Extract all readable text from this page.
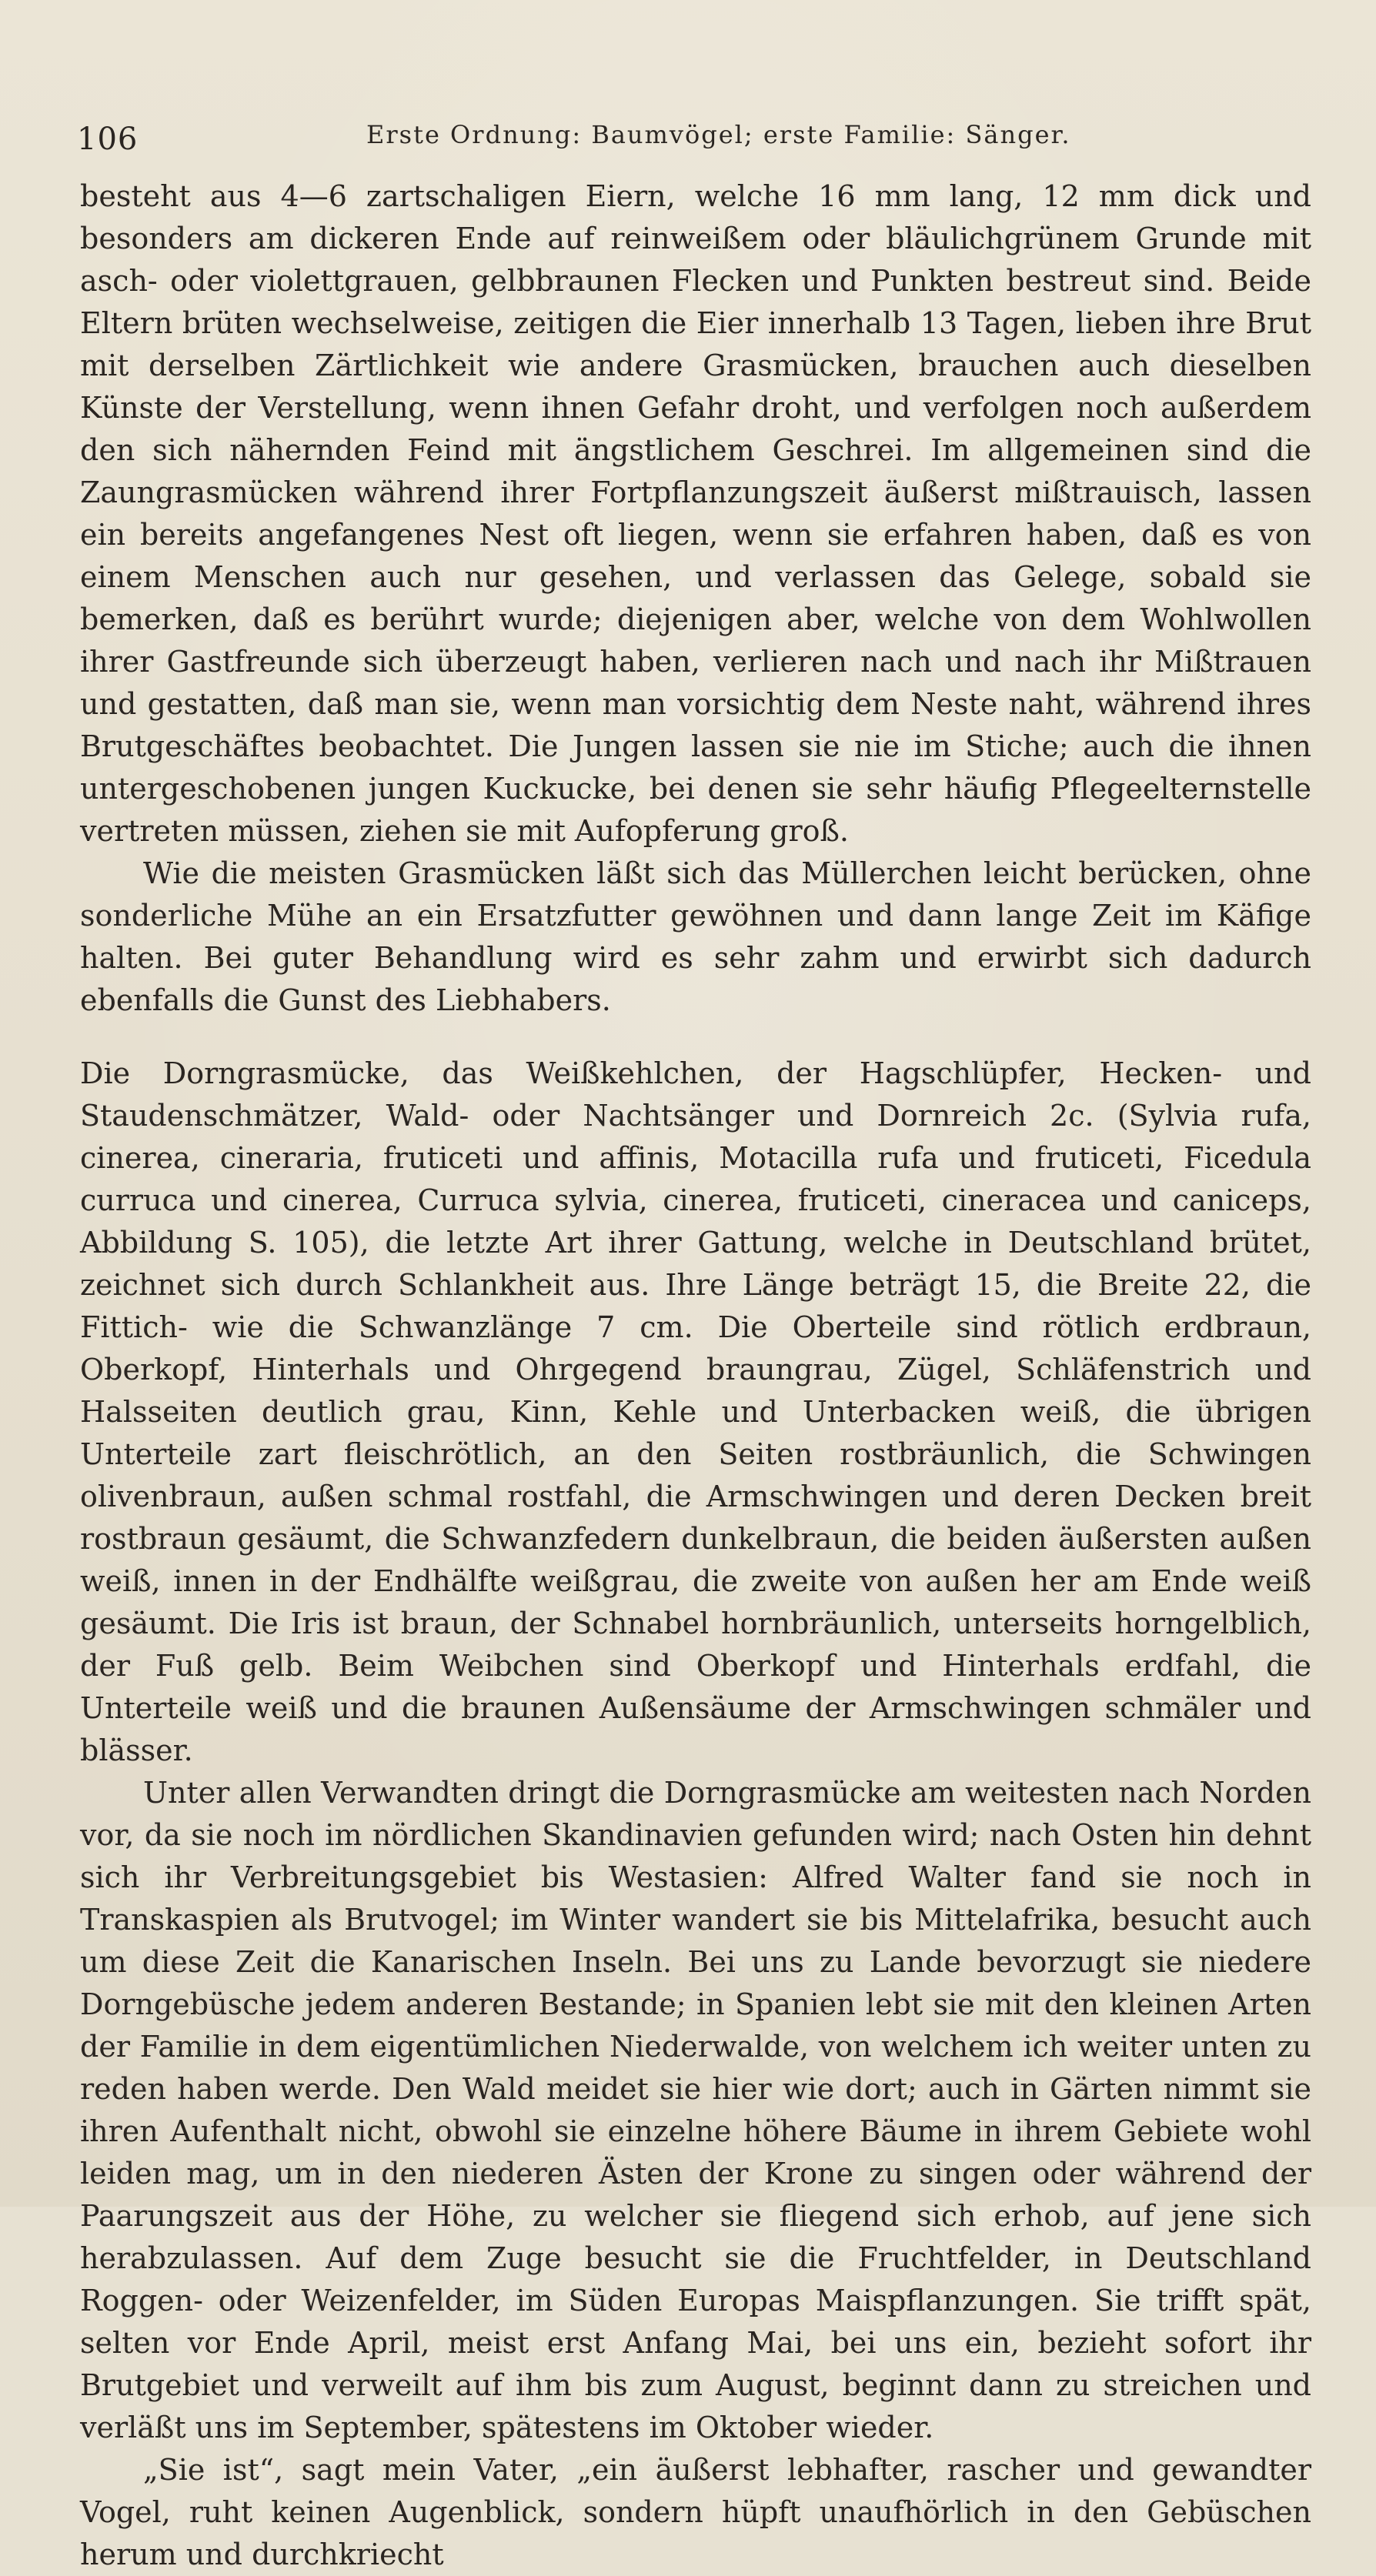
106	Erste Ordnung: Baumvögel; erste Familie: Sänger.

besteht aus 4—6 zartschaligen Eiern, welche 16 mm lang, 12 mm dick und besonders am dickeren Ende auf reinweißem oder bläulichgrünem Grunde mit asch- oder violettgrauen, gelbbraunen Flecken und Punkten bestreut sind. Beide Eltern brüten wechselweise, zeitigen die Eier innerhalb 13 Tagen, lieben ihre Brut mit derselben Zärtlichkeit wie andere Grasmücken, brauchen auch dieselben Künste der Verstellung, wenn ihnen Gefahr droht, und verfolgen noch außerdem den sich nähernden Feind mit ängstlichem Geschrei. Im allgemeinen sind die Zaungrasmücken während ihrer Fortpflanzungszeit äußerst mißtrauisch, lassen ein bereits angefangenes Nest oft liegen, wenn sie erfahren haben, daß es von einem Menschen auch nur gesehen, und verlassen das Gelege, sobald sie bemerken, daß es berührt wurde; diejenigen aber, welche von dem Wohlwollen ihrer Gastfreunde sich überzeugt haben, verlieren nach und nach ihr Mißtrauen und gestatten, daß man sie, wenn man vorsichtig dem Neste naht, während ihres Brutgeschäftes beobachtet. Die Jungen lassen sie nie im Stiche; auch die ihnen untergeschobenen jungen Kuckucke, bei denen sie sehr häufig Pflegeelternstelle vertreten müssen, ziehen sie mit Aufopferung groß.

Wie die meisten Grasmücken läßt sich das Müllerchen leicht berücken, ohne sonderliche Mühe an ein Ersatzfutter gewöhnen und dann lange Zeit im Käfige halten. Bei guter Behandlung wird es sehr zahm und erwirbt sich dadurch ebenfalls die Gunst des Liebhabers.

Die Dorngrasmücke, das Weißkehlchen, der Hagschlüpfer, Hecken- und Staudenschmätzer, Wald- oder Nachtsänger und Dornreich 2c. (Sylvia rufa, cinerea, cineraria, fruticeti und affinis, Motacilla rufa und fruticeti, Ficedula curruca und cinerea, Curruca sylvia, cinerea, fruticeti, cineracea und caniceps, Abbildung S. 105), die letzte Art ihrer Gattung, welche in Deutschland brütet, zeichnet sich durch Schlankheit aus. Ihre Länge beträgt 15, die Breite 22, die Fittich- wie die Schwanzlänge 7 cm. Die Oberteile sind rötlich erdbraun, Oberkopf, Hinterhals und Ohrgegend braungrau, Zügel, Schläfenstrich und Halsseiten deutlich grau, Kinn, Kehle und Unterbacken weiß, die übrigen Unterteile zart fleischrötlich, an den Seiten rostbräunlich, die Schwingen olivenbraun, außen schmal rostfahl, die Armschwingen und deren Decken breit rostbraun gesäumt, die Schwanzfedern dunkelbraun, die beiden äußersten außen weiß, innen in der Endhälfte weißgrau, die zweite von außen her am Ende weiß gesäumt. Die Iris ist braun, der Schnabel hornbräunlich, unterseits horngelblich, der Fuß gelb. Beim Weibchen sind Oberkopf und Hinterhals erdfahl, die Unterteile weiß und die braunen Außensäume der Armschwingen schmäler und blässer.

Unter allen Verwandten dringt die Dorngrasmücke am weitesten nach Norden vor, da sie noch im nördlichen Skandinavien gefunden wird; nach Osten hin dehnt sich ihr Verbreitungsgebiet bis Westasien: Alfred Walter fand sie noch in Transkaspien als Brutvogel; im Winter wandert sie bis Mittelafrika, besucht auch um diese Zeit die Kanarischen Inseln. Bei uns zu Lande bevorzugt sie niedere Dorngebüsche jedem anderen Bestande; in Spanien lebt sie mit den kleinen Arten der Familie in dem eigentümlichen Niederwalde, von welchem ich weiter unten zu reden haben werde. Den Wald meidet sie hier wie dort; auch in Gärten nimmt sie ihren Aufenthalt nicht, obwohl sie einzelne höhere Bäume in ihrem Gebiete wohl leiden mag, um in den niederen Ästen der Krone zu singen oder während der Paarungszeit aus der Höhe, zu welcher sie fliegend sich erhob, auf jene sich herabzulassen. Auf dem Zuge besucht sie die Fruchtfelder, in Deutschland Roggen- oder Weizenfelder, im Süden Europas Maispflanzungen. Sie trifft spät, selten vor Ende April, meist erst Anfang Mai, bei uns ein, bezieht sofort ihr Brutgebiet und verweilt auf ihm bis zum August, beginnt dann zu streichen und verläßt uns im September, spätestens im Oktober wieder.

„Sie ist“, sagt mein Vater, „ein äußerst lebhafter, rascher und gewandter Vogel, ruht keinen Augenblick, sondern hüpft unaufhörlich in den Gebüschen herum und durchkriecht
